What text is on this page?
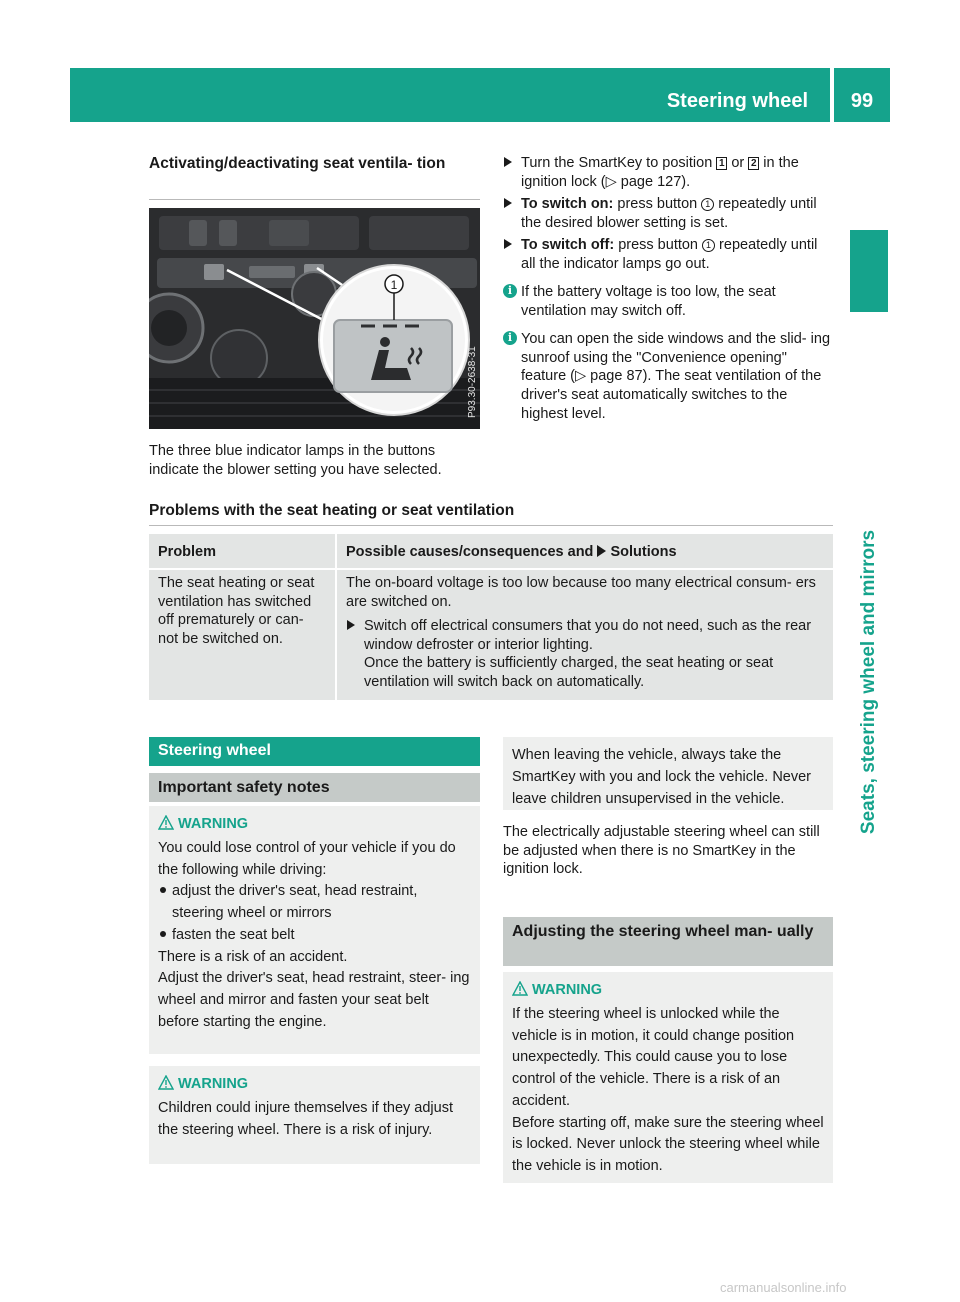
Steering wheel	99
Seats, steering wheel and mirrors
Activating/deactivating seat ventila- tion
1
P93.30-2638-31
The three blue indicator lamps in the buttons indicate the blower setting you have selected.
Turn the SmartKey to position 1 or 2 in the ignition lock (▷ page 127).
To switch on: press button 1 repeatedly until the desired blower setting is set.
To switch off: press button 1 repeatedly until all the indicator lamps go out.
i If the battery voltage is too low, the seat ventilation may switch off.
i You can open the side windows and the slid- ing sunroof using the "Convenience opening" feature (▷ page 87). The seat ventilation of the driver's seat automatically switches to the highest level.
Problems with the seat heating or seat ventilation
Problem	Possible causes/consequences and  Solutions
The seat heating or seat ventilation has switched off prematurely or can- not be switched on.
The on-board voltage is too low because too many electrical consum- ers are switched on.
Switch off electrical consumers that you do not need, such as the rear window defroster or interior lighting.
Once the battery is sufficiently charged, the seat heating or seat ventilation will switch back on automatically.
Steering wheel
Important safety notes
WARNING
You could lose control of your vehicle if you do the following while driving:
adjust the driver's seat, head restraint, steering wheel or mirrors
fasten the seat belt
There is a risk of an accident.
Adjust the driver's seat, head restraint, steer- ing wheel and mirror and fasten your seat belt before starting the engine.
WARNING
Children could injure themselves if they adjust the steering wheel. There is a risk of injury.
When leaving the vehicle, always take the SmartKey with you and lock the vehicle. Never leave children unsupervised in the vehicle.
The electrically adjustable steering wheel can still be adjusted when there is no SmartKey in the ignition lock.
Adjusting the steering wheel man- ually
WARNING
If the steering wheel is unlocked while the vehicle is in motion, it could change position unexpectedly. This could cause you to lose control of the vehicle. There is a risk of an accident.
Before starting off, make sure the steering wheel is locked. Never unlock the steering wheel while the vehicle is in motion.
carmanualsonline.info
